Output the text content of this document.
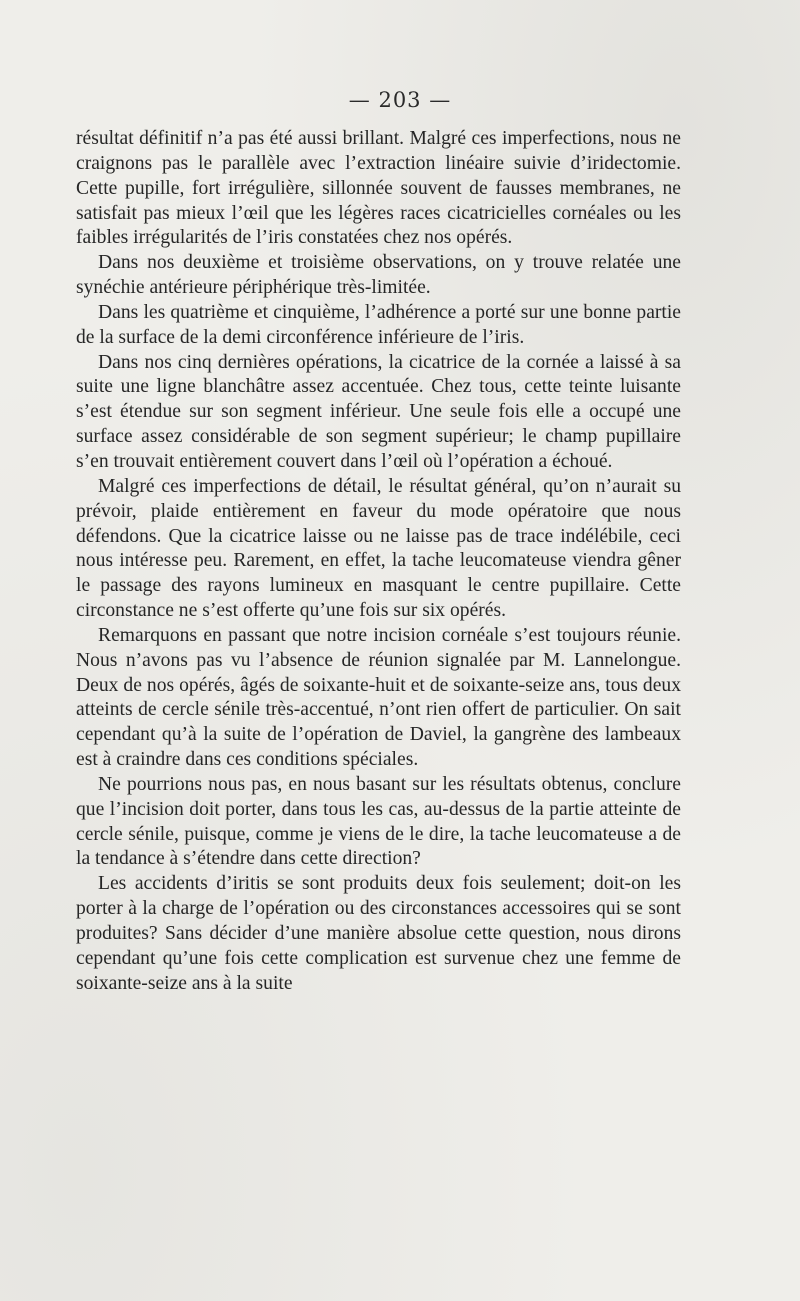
— 203 —

résultat définitif n’a pas été aussi brillant. Malgré ces imperfections, nous ne craignons pas le parallèle avec l’extraction linéaire suivie d’iridectomie. Cette pupille, fort irrégulière, sillonnée souvent de fausses membranes, ne satisfait pas mieux l’œil que les légères races cicatricielles cornéales ou les faibles irrégularités de l’iris constatées chez nos opérés.

Dans nos deuxième et troisième observations, on y trouve relatée une synéchie antérieure périphérique très-limitée.

Dans les quatrième et cinquième, l’adhérence a porté sur une bonne partie de la surface de la demi circonférence inférieure de l’iris.

Dans nos cinq dernières opérations, la cicatrice de la cornée a laissé à sa suite une ligne blanchâtre assez accentuée. Chez tous, cette teinte luisante s’est étendue sur son segment inférieur. Une seule fois elle a occupé une surface assez considérable de son segment supérieur; le champ pupillaire s’en trouvait entièrement couvert dans l’œil où l’opération a échoué.

Malgré ces imperfections de détail, le résultat général, qu’on n’aurait su prévoir, plaide entièrement en faveur du mode opératoire que nous défendons. Que la cicatrice laisse ou ne laisse pas de trace indélébile, ceci nous intéresse peu. Rarement, en effet, la tache leucomateuse viendra gêner le passage des rayons lumineux en masquant le centre pupillaire. Cette circonstance ne s’est offerte qu’une fois sur six opérés.

Remarquons en passant que notre incision cornéale s’est toujours réunie. Nous n’avons pas vu l’absence de réunion signalée par M. Lannelongue. Deux de nos opérés, âgés de soixante-huit et de soixante-seize ans, tous deux atteints de cercle sénile très-accentué, n’ont rien offert de particulier. On sait cependant qu’à la suite de l’opération de Daviel, la gangrène des lambeaux est à craindre dans ces conditions spéciales.

Ne pourrions nous pas, en nous basant sur les résultats obtenus, conclure que l’incision doit porter, dans tous les cas, au-dessus de la partie atteinte de cercle sénile, puisque, comme je viens de le dire, la tache leucomateuse a de la tendance à s’étendre dans cette direction?

Les accidents d’iritis se sont produits deux fois seulement; doit-on les porter à la charge de l’opération ou des circonstances accessoires qui se sont produites? Sans décider d’une manière absolue cette question, nous dirons cependant qu’une fois cette complication est survenue chez une femme de soixante-seize ans à la suite
